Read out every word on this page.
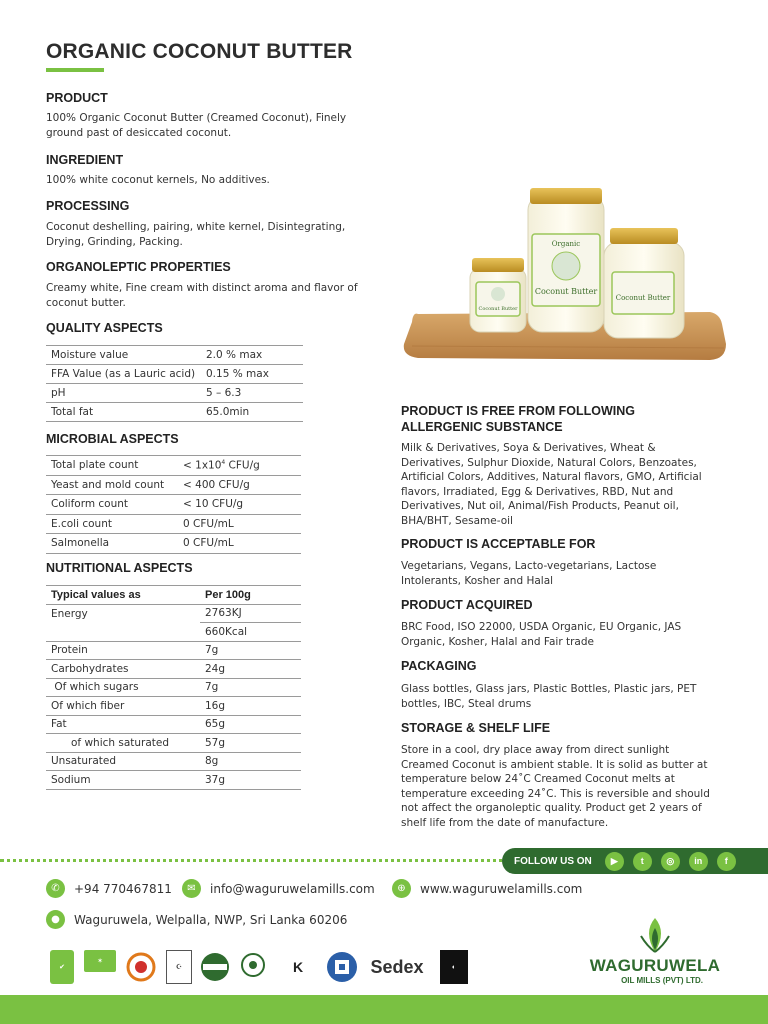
ORGANIC COCONUT BUTTER
PRODUCT
100% Organic Coconut Butter (Creamed Coconut), Finely ground past of desiccated coconut.
INGREDIENT
100% white coconut kernels, No additives.
PROCESSING
Coconut deshelling, pairing, white kernel, Disintegrating, Drying, Grinding, Packing.
ORGANOLEPTIC PROPERTIES
Creamy white, Fine cream with distinct aroma and flavor of coconut butter.
QUALITY ASPECTS
Moisture value	2.0 % max
FFA Value (as a Lauric acid)	0.15 % max
pH	5 – 6.3
Total fat	65.0min
MICROBIAL ASPECTS
Total plate count	< $1x10^4$ CFU/g
Yeast and mold count	< 400 CFU/g
Coliform count	< 10 CFU/g
E.coli count	0 CFU/mL
Salmonella	0 CFU/mL
NUTRITIONAL ASPECTS
Typical values as	Per 100g
Energy	2763KJ
	660Kcal
Protein	7g
Carbohydrates	24g
Of which sugars	7g
Of which fiber	16g
Fat	65g
of which saturated	57g
Unsaturated	8g
Sodium	37g
Coconut Butter
Organic
Coconut Butter
Coconut Butter
PRODUCT IS FREE FROM FOLLOWING ALLERGENIC SUBSTANCE
Milk & Derivatives, Soya & Derivatives, Wheat & Derivatives, Sulphur Dioxide, Natural Colors, Benzoates, Artificial Colors, Additives, Natural flavors, GMO, Artificial flavors, Irradiated, Egg & Derivatives, RBD, Nut and Derivatives, Nut oil, Animal/Fish Products, Peanut oil, BHA/BHT, Sesame-oil
PRODUCT IS ACCEPTABLE FOR
Vegetarians, Vegans, Lacto-vegetarians, Lactose Intolerants, Kosher and Halal
PRODUCT ACQUIRED
BRC Food, ISO 22000, USDA Organic, EU Organic, JAS Organic, Kosher, Halal and Fair trade
PACKAGING
Glass bottles, Glass jars, Plastic Bottles, Plastic jars, PET bottles, IBC, Steal drums
STORAGE & SHELF LIFE
Store in a cool, dry place away from direct sunlight Creamed Coconut is ambient stable. It is solid as butter at temperature below 24˚C Creamed Coconut melts at temperature exceeding 24˚C. This is reversible and should not affect the organoleptic quality. Product get 2 years of shelf life from the date of manufacture.
FOLLOW US ON	▶	t	◎	in	f
✆	+94 770467811	✉	info@waguruwelamills.com	⊕	www.waguruwelamills.com
●	Waguruwela, Welpalla, NWP, Sri Lanka 60206
✔
✶
☪	K	Sedex	◐	WAGURUWELA
OIL MILLS (PVT) LTD.
